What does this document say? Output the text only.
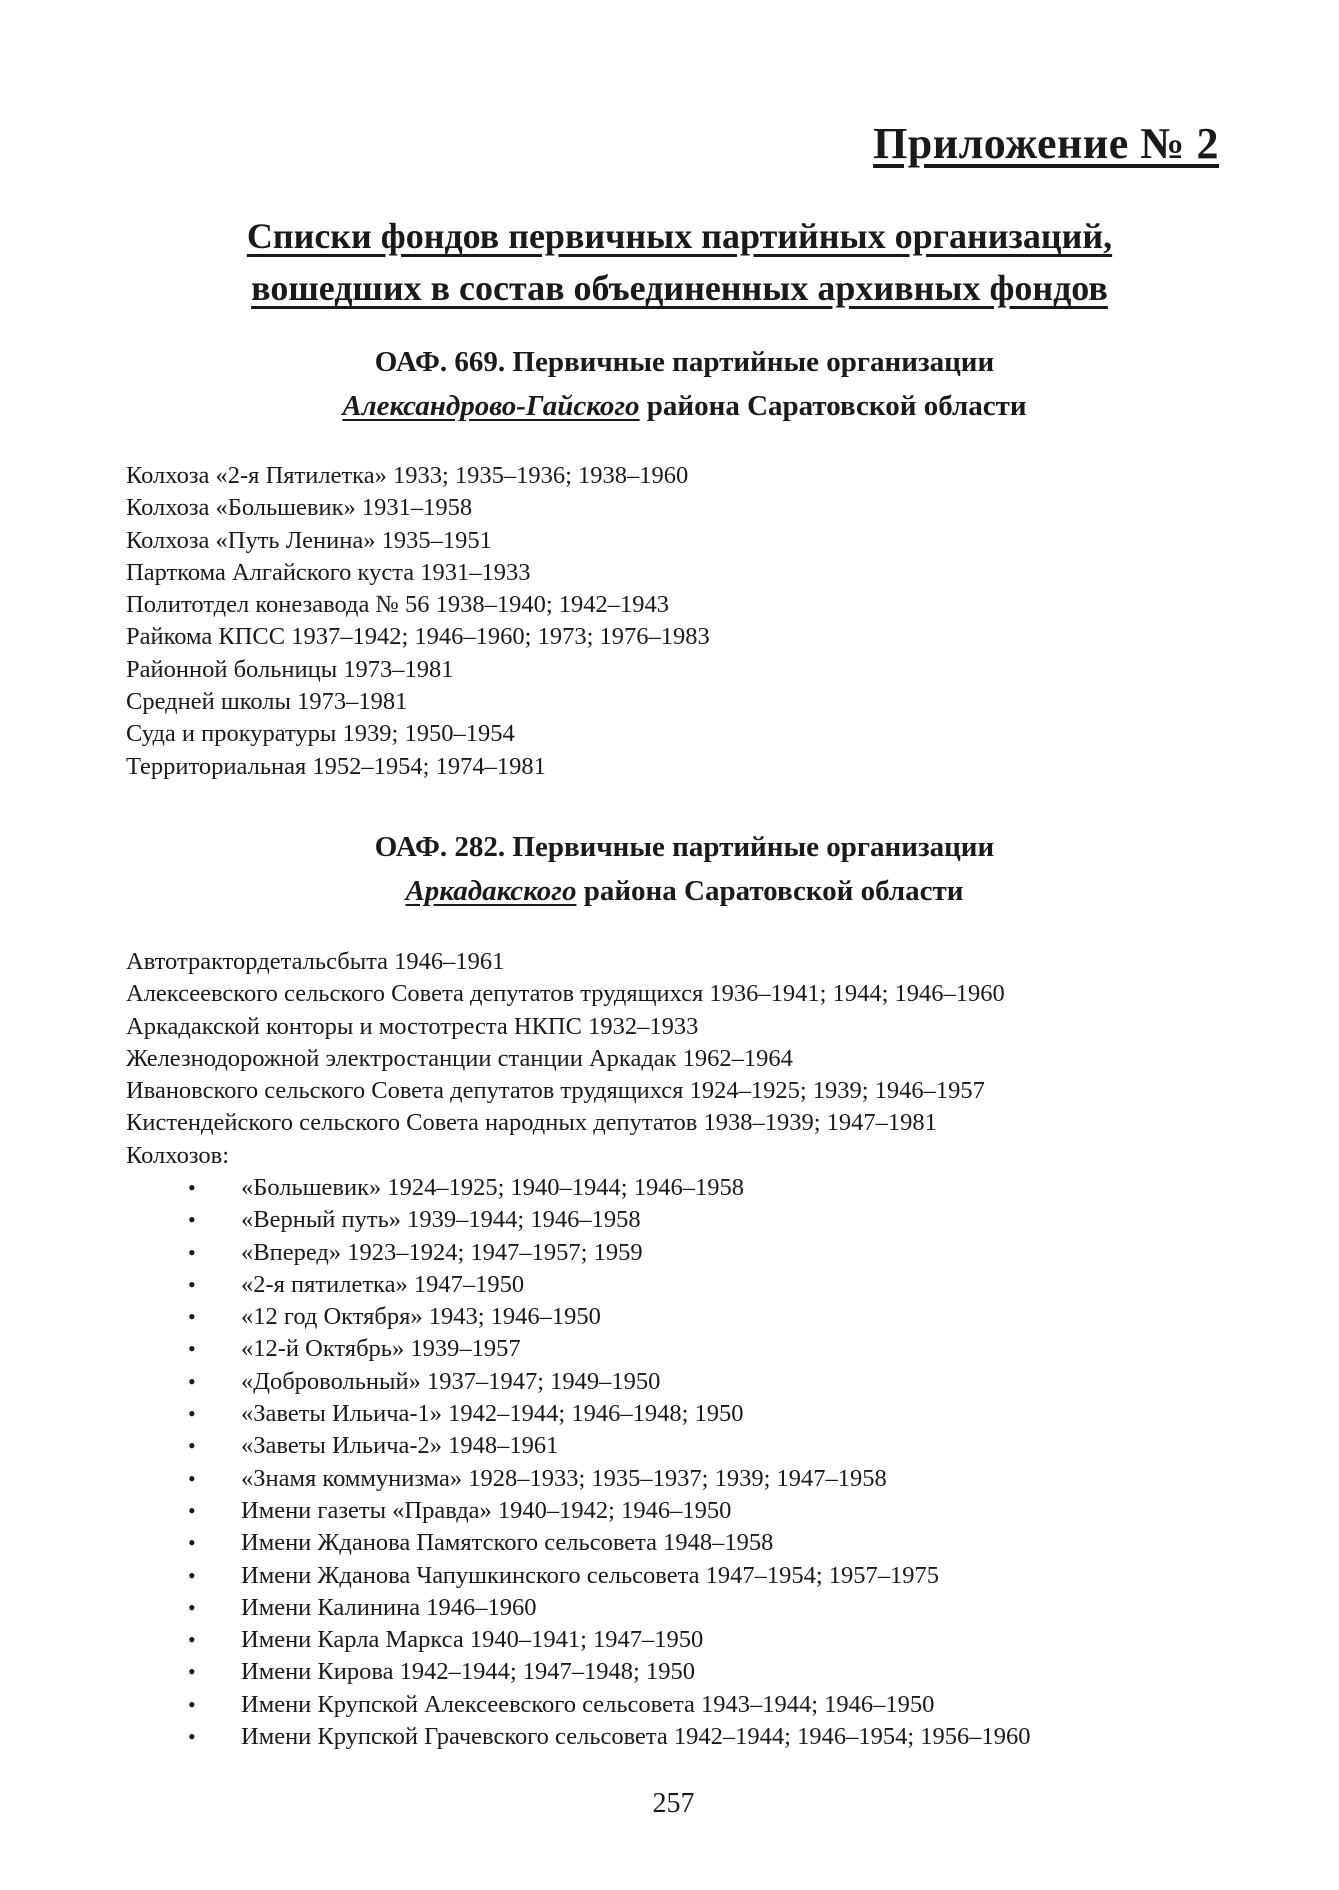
Приложение № 2
Списки фондов первичных партийных организаций,
вошедших в состав объединенных архивных фондов
ОАФ. 669. Первичные партийные организации
Александрово-Гайского района Саратовской области
Колхоза «2-я Пятилетка» 1933; 1935–1936; 1938–1960
Колхоза «Большевик» 1931–1958
Колхоза «Путь Ленина» 1935–1951
Парткома Алгайского куста 1931–1933
Политотдел конезавода № 56 1938–1940; 1942–1943
Райкома КПСС 1937–1942; 1946–1960; 1973; 1976–1983
Районной больницы 1973–1981
Средней школы 1973–1981
Суда и прокуратуры 1939; 1950–1954
Территориальная 1952–1954; 1974–1981
ОАФ. 282. Первичные партийные организации
Аркадакского района Саратовской области
Автотрактордетальсбыта 1946–1961
Алексеевского сельского Совета депутатов трудящихся 1936–1941; 1944; 1946–1960
Аркадакской конторы и мостотреста НКПС 1932–1933
Железнодорожной электростанции станции Аркадак 1962–1964
Ивановского сельского Совета депутатов трудящихся 1924–1925; 1939; 1946–1957
Кистендейского сельского Совета народных депутатов 1938–1939; 1947–1981
Колхозов:
• «Большевик» 1924–1925; 1940–1944; 1946–1958
• «Верный путь» 1939–1944; 1946–1958
• «Вперед» 1923–1924; 1947–1957; 1959
• «2-я пятилетка» 1947–1950
• «12 год Октября» 1943; 1946–1950
• «12-й Октябрь» 1939–1957
• «Добровольный» 1937–1947; 1949–1950
• «Заветы Ильича-1» 1942–1944; 1946–1948; 1950
• «Заветы Ильича-2» 1948–1961
• «Знамя коммунизма» 1928–1933; 1935–1937; 1939; 1947–1958
• Имени газеты «Правда» 1940–1942; 1946–1950
• Имени Жданова Памятского сельсовета 1948–1958
• Имени Жданова Чапушкинского сельсовета 1947–1954; 1957–1975
• Имени Калинина 1946–1960
• Имени Карла Маркса 1940–1941; 1947–1950
• Имени Кирова 1942–1944; 1947–1948; 1950
• Имени Крупской Алексеевского сельсовета 1943–1944; 1946–1950
• Имени Крупской Грачевского сельсовета 1942–1944; 1946–1954; 1956–1960
257
